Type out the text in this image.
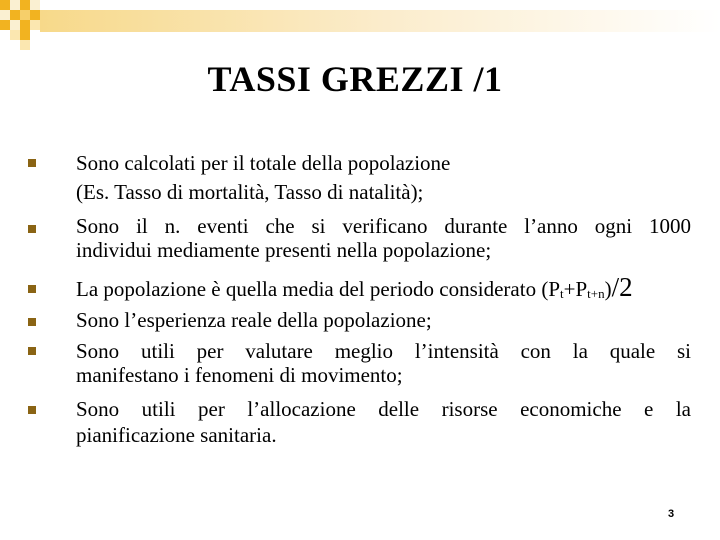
TASSI GREZZI /1
Sono calcolati per il totale della popolazione
(Es. Tasso di mortalità, Tasso di natalità);
Sono il n. eventi che si verificano durante l’anno ogni 1000
individui mediamente presenti nella popolazione;
La popolazione è quella media del periodo considerato (Pt+Pt+n)/2
Sono l’esperienza reale della popolazione;
Sono utili per valutare meglio l’intensità con la quale si
manifestano i fenomeni di movimento;
Sono utili per l’allocazione delle risorse economiche e la
pianificazione sanitaria.
3
